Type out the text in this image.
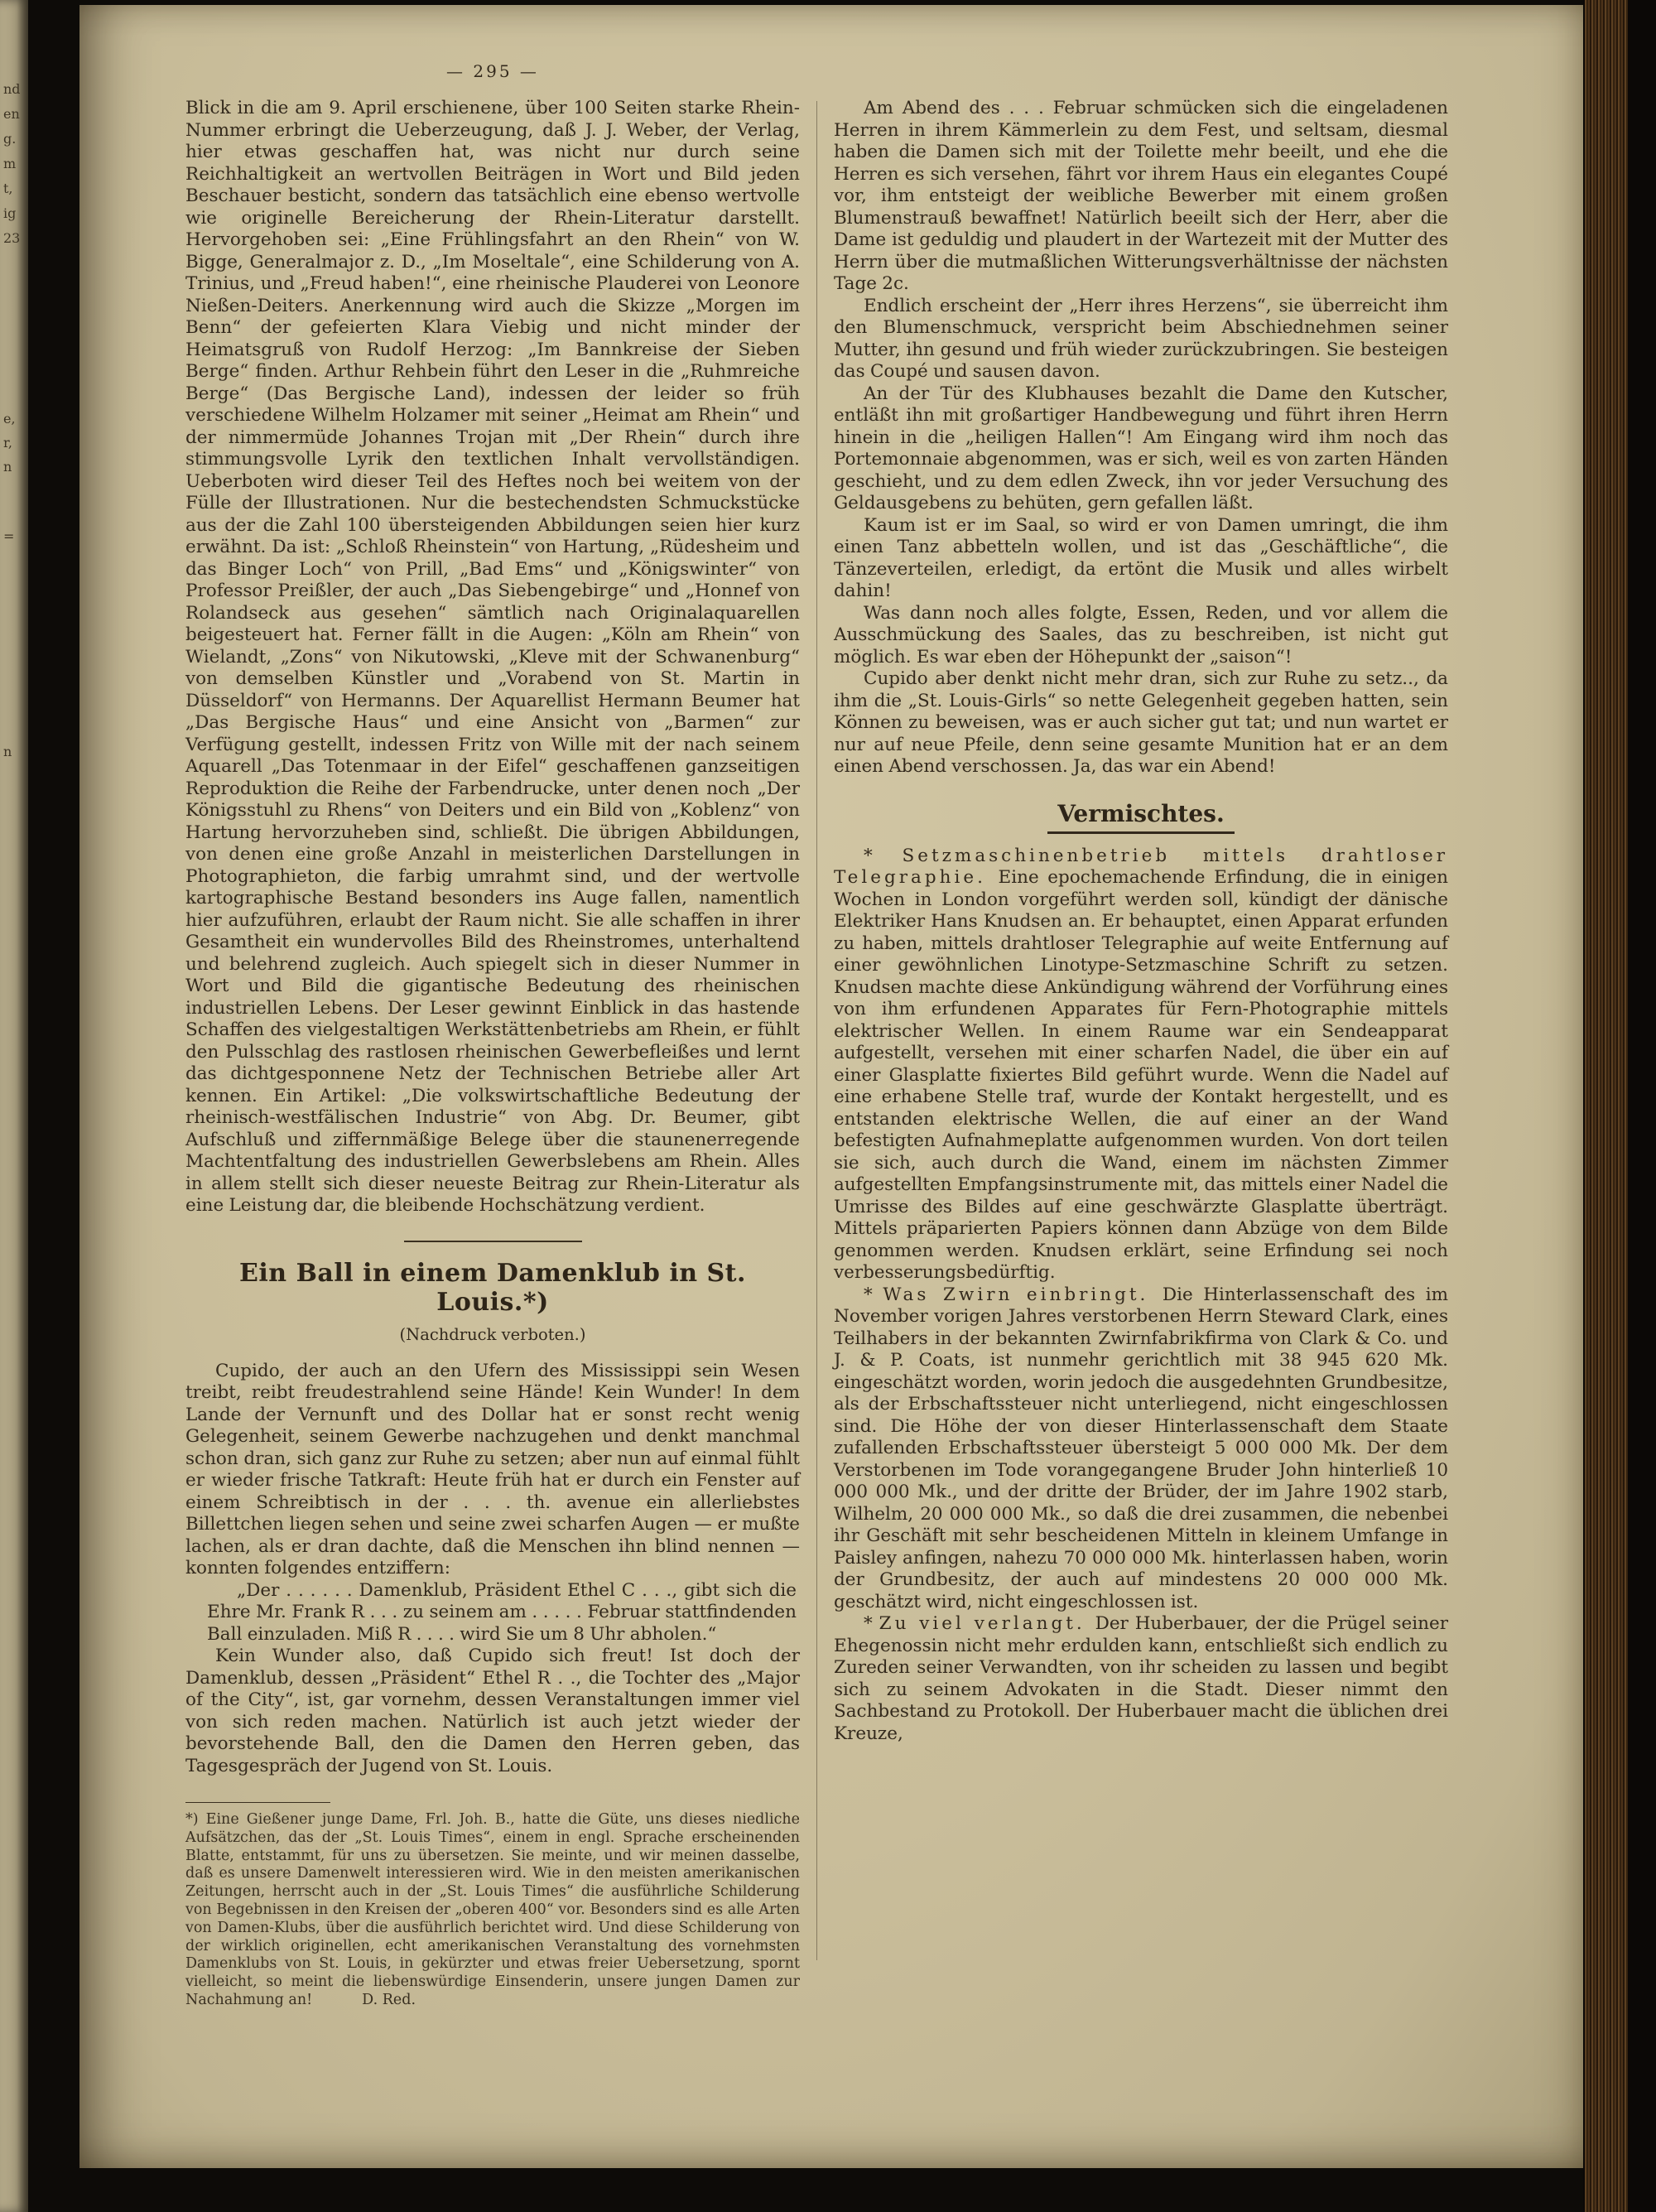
nd
en
g.
m
t,
ig
23
e,
r,
n
=
n
— 295 —

Blick in die am 9. April erschienene, über 100 Seiten starke Rhein-Nummer erbringt die Ueberzeugung, daß J. J. Weber, der Verlag, hier etwas geschaffen hat, was nicht nur durch seine Reichhaltigkeit an wertvollen Beiträgen in Wort und Bild jeden Beschauer besticht, sondern das tatsächlich eine ebenso wertvolle wie originelle Bereicherung der Rhein-Literatur darstellt. Hervorgehoben sei: „Eine Frühlingsfahrt an den Rhein“ von W. Bigge, Generalmajor z. D., „Im Moseltale“, eine Schilderung von A. Trinius, und „Freud haben!“, eine rheinische Plauderei von Leonore Nießen-Deiters. Anerkennung wird auch die Skizze „Morgen im Benn“ der gefeierten Klara Viebig und nicht minder der Heimatsgruß von Rudolf Herzog: „Im Bannkreise der Sieben Berge“ finden. Arthur Rehbein führt den Leser in die „Ruhmreiche Berge“ (Das Bergische Land), indessen der leider so früh verschiedene Wilhelm Holzamer mit seiner „Heimat am Rhein“ und der nimmermüde Johannes Trojan mit „Der Rhein“ durch ihre stimmungsvolle Lyrik den textlichen Inhalt vervollständigen. Ueberboten wird dieser Teil des Heftes noch bei weitem von der Fülle der Illustrationen. Nur die bestechendsten Schmuckstücke aus der die Zahl 100 übersteigenden Abbildungen seien hier kurz erwähnt. Da ist: „Schloß Rheinstein“ von Hartung, „Rüdesheim und das Binger Loch“ von Prill, „Bad Ems“ und „Königswinter“ von Professor Preißler, der auch „Das Siebengebirge“ und „Honnef von Rolandseck aus gesehen“ sämtlich nach Originalaquarellen beigesteuert hat. Ferner fällt in die Augen: „Köln am Rhein“ von Wielandt, „Zons“ von Nikutowski, „Kleve mit der Schwanenburg“ von demselben Künstler und „Vorabend von St. Martin in Düsseldorf“ von Hermanns. Der Aquarellist Hermann Beumer hat „Das Bergische Haus“ und eine Ansicht von „Barmen“ zur Verfügung gestellt, indessen Fritz von Wille mit der nach seinem Aquarell „Das Totenmaar in der Eifel“ geschaffenen ganzseitigen Reproduktion die Reihe der Farbendrucke, unter denen noch „Der Königsstuhl zu Rhens“ von Deiters und ein Bild von „Koblenz“ von Hartung hervorzuheben sind, schließt. Die übrigen Abbildungen, von denen eine große Anzahl in meisterlichen Darstellungen in Photographieton, die farbig umrahmt sind, und der wertvolle kartographische Bestand besonders ins Auge fallen, namentlich hier aufzuführen, erlaubt der Raum nicht. Sie alle schaffen in ihrer Gesamtheit ein wundervolles Bild des Rheinstromes, unterhaltend und belehrend zugleich. Auch spiegelt sich in dieser Nummer in Wort und Bild die gigantische Bedeutung des rheinischen industriellen Lebens. Der Leser gewinnt Einblick in das hastende Schaffen des vielgestaltigen Werkstättenbetriebs am Rhein, er fühlt den Pulsschlag des rastlosen rheinischen Gewerbefleißes und lernt das dichtgesponnene Netz der Technischen Betriebe aller Art kennen. Ein Artikel: „Die volkswirtschaftliche Bedeutung der rheinisch-westfälischen Industrie“ von Abg. Dr. Beumer, gibt Aufschluß und ziffernmäßige Belege über die staunenerregende Machtentfaltung des industriellen Gewerbslebens am Rhein. Alles in allem stellt sich dieser neueste Beitrag zur Rhein-Literatur als eine Leistung dar, die bleibende Hochschätzung verdient.

Ein Ball in einem Damenklub in St. Louis.*)
(Nachdruck verboten.)

Cupido, der auch an den Ufern des Mississippi sein Wesen treibt, reibt freudestrahlend seine Hände! Kein Wunder! In dem Lande der Vernunft und des Dollar hat er sonst recht wenig Gelegenheit, seinem Gewerbe nachzugehen und denkt manchmal schon dran, sich ganz zur Ruhe zu setzen; aber nun auf einmal fühlt er wieder frische Tatkraft: Heute früh hat er durch ein Fenster auf einem Schreibtisch in der . . . th. avenue ein allerliebstes Billettchen liegen sehen und seine zwei scharfen Augen — er mußte lachen, als er dran dachte, daß die Menschen ihn blind nennen — konnten folgendes entziffern:

„Der . . . . . . Damenklub, Präsident Ethel C . . ., gibt sich die Ehre Mr. Frank R . . . zu seinem am . . . . . Februar stattfindenden Ball einzuladen. Miß R . . . . wird Sie um 8 Uhr abholen.“

Kein Wunder also, daß Cupido sich freut! Ist doch der Damenklub, dessen „Präsident“ Ethel R . ., die Tochter des „Major of the City“, ist, gar vornehm, dessen Veranstaltungen immer viel von sich reden machen. Natürlich ist auch jetzt wieder der bevorstehende Ball, den die Damen den Herren geben, das Tagesgespräch der Jugend von St. Louis.

*) Eine Gießener junge Dame, Frl. Joh. B., hatte die Güte, uns dieses niedliche Aufsätzchen, das der „St. Louis Times“, einem in engl. Sprache erscheinenden Blatte, entstammt, für uns zu übersetzen. Sie meinte, und wir meinen dasselbe, daß es unsere Damenwelt interessieren wird. Wie in den meisten amerikanischen Zeitungen, herrscht auch in der „St. Louis Times“ die ausführliche Schilderung von Begebnissen in den Kreisen der „oberen 400“ vor. Besonders sind es alle Arten von Damen-Klubs, über die ausführlich berichtet wird. Und diese Schilderung von der wirklich originellen, echt amerikanischen Veranstaltung des vornehmsten Damenklubs von St. Louis, in gekürzter und etwas freier Uebersetzung, spornt vielleicht, so meint die liebenswürdige Einsenderin, unsere jungen Damen zur Nachahmung an!	D. Red.

Am Abend des . . . Februar schmücken sich die eingeladenen Herren in ihrem Kämmerlein zu dem Fest, und seltsam, diesmal haben die Damen sich mit der Toilette mehr beeilt, und ehe die Herren es sich versehen, fährt vor ihrem Haus ein elegantes Coupé vor, ihm entsteigt der weibliche Bewerber mit einem großen Blumenstrauß bewaffnet! Natürlich beeilt sich der Herr, aber die Dame ist geduldig und plaudert in der Wartezeit mit der Mutter des Herrn über die mutmaßlichen Witterungsverhältnisse der nächsten Tage 2c.

Endlich erscheint der „Herr ihres Herzens“, sie überreicht ihm den Blumenschmuck, verspricht beim Abschiednehmen seiner Mutter, ihn gesund und früh wieder zurückzubringen. Sie besteigen das Coupé und sausen davon.

An der Tür des Klubhauses bezahlt die Dame den Kutscher, entläßt ihn mit großartiger Handbewegung und führt ihren Herrn hinein in die „heiligen Hallen“! Am Eingang wird ihm noch das Portemonnaie abgenommen, was er sich, weil es von zarten Händen geschieht, und zu dem edlen Zweck, ihn vor jeder Versuchung des Geldausgebens zu behüten, gern gefallen läßt.

Kaum ist er im Saal, so wird er von Damen umringt, die ihm einen Tanz abbetteln wollen, und ist das „Geschäftliche“, die Tänzeverteilen, erledigt, da ertönt die Musik und alles wirbelt dahin!

Was dann noch alles folgte, Essen, Reden, und vor allem die Ausschmückung des Saales, das zu beschreiben, ist nicht gut möglich. Es war eben der Höhepunkt der „saison“!

Cupido aber denkt nicht mehr dran, sich zur Ruhe zu setz.., da ihm die „St. Louis-Girls“ so nette Gelegenheit gegeben hatten, sein Können zu beweisen, was er auch sicher gut tat; und nun wartet er nur auf neue Pfeile, denn seine gesamte Munition hat er an dem einen Abend verschossen. Ja, das war ein Abend!

Vermischtes.

* Setzmaschinenbetrieb mittels drahtloser Telegraphie. Eine epochemachende Erfindung, die in einigen Wochen in London vorgeführt werden soll, kündigt der dänische Elektriker Hans Knudsen an. Er behauptet, einen Apparat erfunden zu haben, mittels drahtloser Telegraphie auf weite Entfernung auf einer gewöhnlichen Linotype-Setzmaschine Schrift zu setzen. Knudsen machte diese Ankündigung während der Vorführung eines von ihm erfundenen Apparates für Fern-Photographie mittels elektrischer Wellen. In einem Raume war ein Sendeapparat aufgestellt, versehen mit einer scharfen Nadel, die über ein auf einer Glasplatte fixiertes Bild geführt wurde. Wenn die Nadel auf eine erhabene Stelle traf, wurde der Kontakt hergestellt, und es entstanden elektrische Wellen, die auf einer an der Wand befestigten Aufnahmeplatte aufgenommen wurden. Von dort teilen sie sich, auch durch die Wand, einem im nächsten Zimmer aufgestellten Empfangsinstrumente mit, das mittels einer Nadel die Umrisse des Bildes auf eine geschwärzte Glasplatte überträgt. Mittels präparierten Papiers können dann Abzüge von dem Bilde genommen werden. Knudsen erklärt, seine Erfindung sei noch verbesserungsbedürftig.

* Was Zwirn einbringt. Die Hinterlassenschaft des im November vorigen Jahres verstorbenen Herrn Steward Clark, eines Teilhabers in der bekannten Zwirnfabrikfirma von Clark & Co. und J. & P. Coats, ist nunmehr gerichtlich mit 38 945 620 Mk. eingeschätzt worden, worin jedoch die ausgedehnten Grundbesitze, als der Erbschaftssteuer nicht unterliegend, nicht eingeschlossen sind. Die Höhe der von dieser Hinterlassenschaft dem Staate zufallenden Erbschaftssteuer übersteigt 5 000 000 Mk. Der dem Verstorbenen im Tode vorangegangene Bruder John hinterließ 10 000 000 Mk., und der dritte der Brüder, der im Jahre 1902 starb, Wilhelm, 20 000 000 Mk., so daß die drei zusammen, die nebenbei ihr Geschäft mit sehr bescheidenen Mitteln in kleinem Umfange in Paisley anfingen, nahezu 70 000 000 Mk. hinterlassen haben, worin der Grundbesitz, der auch auf mindestens 20 000 000 Mk. geschätzt wird, nicht eingeschlossen ist.

* Zu viel verlangt. Der Huberbauer, der die Prügel seiner Ehegenossin nicht mehr erdulden kann, entschließt sich endlich zu Zureden seiner Verwandten, von ihr scheiden zu lassen und begibt sich zu seinem Advokaten in die Stadt. Dieser nimmt den Sachbestand zu Protokoll. Der Huberbauer macht die üblichen drei Kreuze,
